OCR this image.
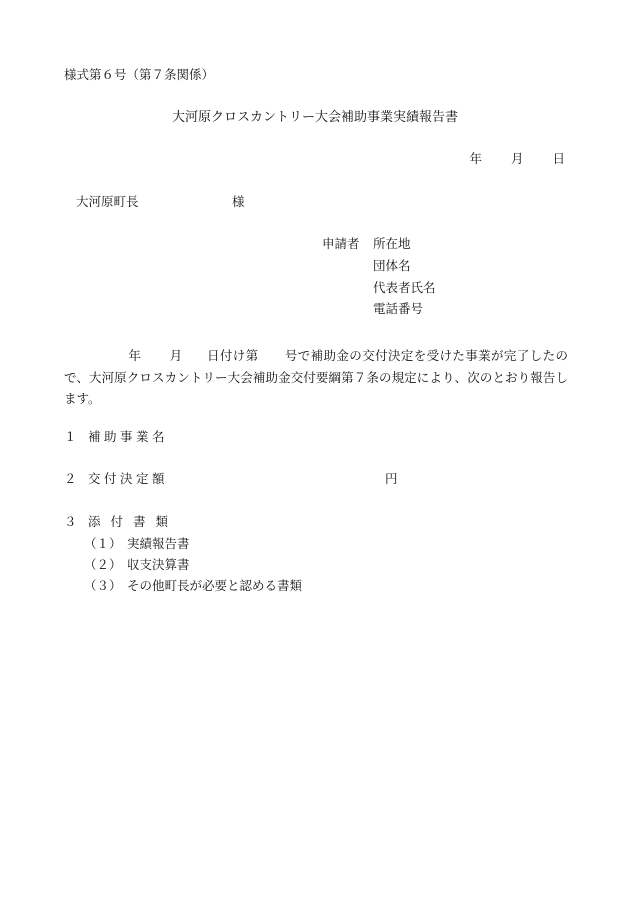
様式第６号（第７条関係）
大河原クロスカントリー大会補助事業実績報告書
年 月 日
大河原町長	様
申請者 所在地
団体名
代表者氏名
電話番号
年 月 日付け第 号で補助金の交付決定を受けた事業が完了したので、大河原クロスカントリー大会補助金交付要綱第７条の規定により、次のとおり報告します。
１ 補助事業名
２ 交付決定額	円
３ 添付書類
（１） 実績報告書
（２） 収支決算書
（３） その他町長が必要と認める書類
